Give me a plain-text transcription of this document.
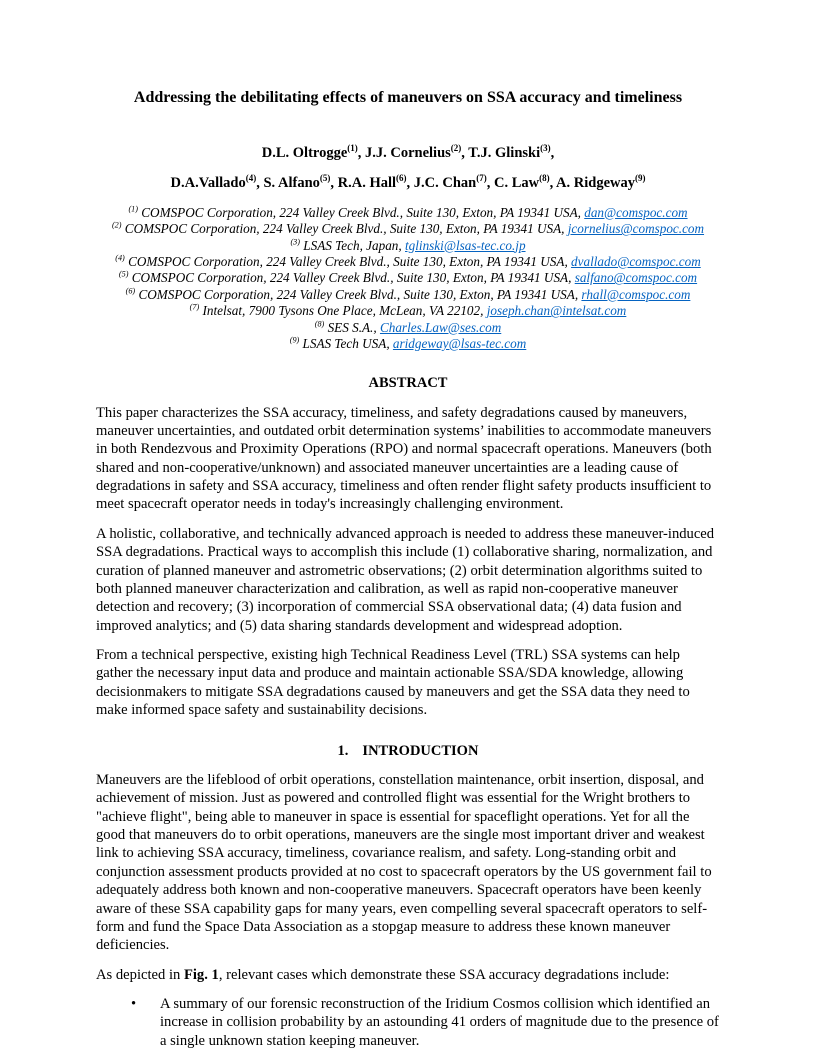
Addressing the debilitating effects of maneuvers on SSA accuracy and timeliness
D.L. Oltrogge$^{(1)}$, J.J. Cornelius$^{(2)}$, T.J. Glinski$^{(3)}$,
D.A.Vallado$^{(4)}$, S. Alfano$^{(5)}$, R.A. Hall$^{(6)}$, J.C. Chan$^{(7)}$, C. Law$^{(8)}$, A. Ridgeway$^{(9)}$
$^{(1)}$ COMSPOC Corporation, 224 Valley Creek Blvd., Suite 130, Exton, PA 19341 USA, dan@comspoc.com
$^{(2)}$ COMSPOC Corporation, 224 Valley Creek Blvd., Suite 130, Exton, PA 19341 USA, jcornelius@comspoc.com
$^{(3)}$ LSAS Tech, Japan, tglinski@lsas-tec.co.jp
$^{(4)}$ COMSPOC Corporation, 224 Valley Creek Blvd., Suite 130, Exton, PA 19341 USA, dvallado@comspoc.com
$^{(5)}$ COMSPOC Corporation, 224 Valley Creek Blvd., Suite 130, Exton, PA 19341 USA, salfano@comspoc.com
$^{(6)}$ COMSPOC Corporation, 224 Valley Creek Blvd., Suite 130, Exton, PA 19341 USA, rhall@comspoc.com
$^{(7)}$ Intelsat, 7900 Tysons One Place, McLean, VA 22102, joseph.chan@intelsat.com
$^{(8)}$ SES S.A., Charles.Law@ses.com
$^{(9)}$ LSAS Tech USA, aridgeway@lsas-tec.com
ABSTRACT

This paper characterizes the SSA accuracy, timeliness, and safety degradations caused by maneuvers, maneuver uncertainties, and outdated orbit determination systems’ inabilities to accommodate maneuvers in both Rendezvous and Proximity Operations (RPO) and normal spacecraft operations. Maneuvers (both shared and non-cooperative/unknown) and associated maneuver uncertainties are a leading cause of degradations in safety and SSA accuracy, timeliness and often render flight safety products insufficient to meet spacecraft operator needs in today's increasingly challenging environment.

A holistic, collaborative, and technically advanced approach is needed to address these maneuver-induced SSA degradations. Practical ways to accomplish this include (1) collaborative sharing, normalization, and curation of planned maneuver and astrometric observations; (2) orbit determination algorithms suited to both planned maneuver characterization and calibration, as well as rapid non-cooperative maneuver detection and recovery; (3) incorporation of commercial SSA observational data; (4) data fusion and improved analytics; and (5) data sharing standards development and widespread adoption.

From a technical perspective, existing high Technical Readiness Level (TRL) SSA systems can help gather the necessary input data and produce and maintain actionable SSA/SDA knowledge, allowing decisionmakers to mitigate SSA degradations caused by maneuvers and get the SSA data they need to make informed space safety and sustainability decisions.

1. INTRODUCTION

Maneuvers are the lifeblood of orbit operations, constellation maintenance, orbit insertion, disposal, and achievement of mission. Just as powered and controlled flight was essential for the Wright brothers to "achieve flight", being able to maneuver in space is essential for spaceflight operations. Yet for all the good that maneuvers do to orbit operations, maneuvers are the single most important driver and weakest link to achieving SSA accuracy, timeliness, covariance realism, and safety. Long-standing orbit and conjunction assessment products provided at no cost to spacecraft operators by the US government fail to adequately address both known and non-cooperative maneuvers. Spacecraft operators have been keenly aware of these SSA capability gaps for many years, even compelling several spacecraft operators to self-form and fund the Space Data Association as a stopgap measure to address these known maneuver deficiencies.

As depicted in Fig. 1, relevant cases which demonstrate these SSA accuracy degradations include:

• A summary of our forensic reconstruction of the Iridium Cosmos collision which identified an increase in collision probability by an astounding 41 orders of magnitude due to the presence of a single unknown station keeping maneuver.
